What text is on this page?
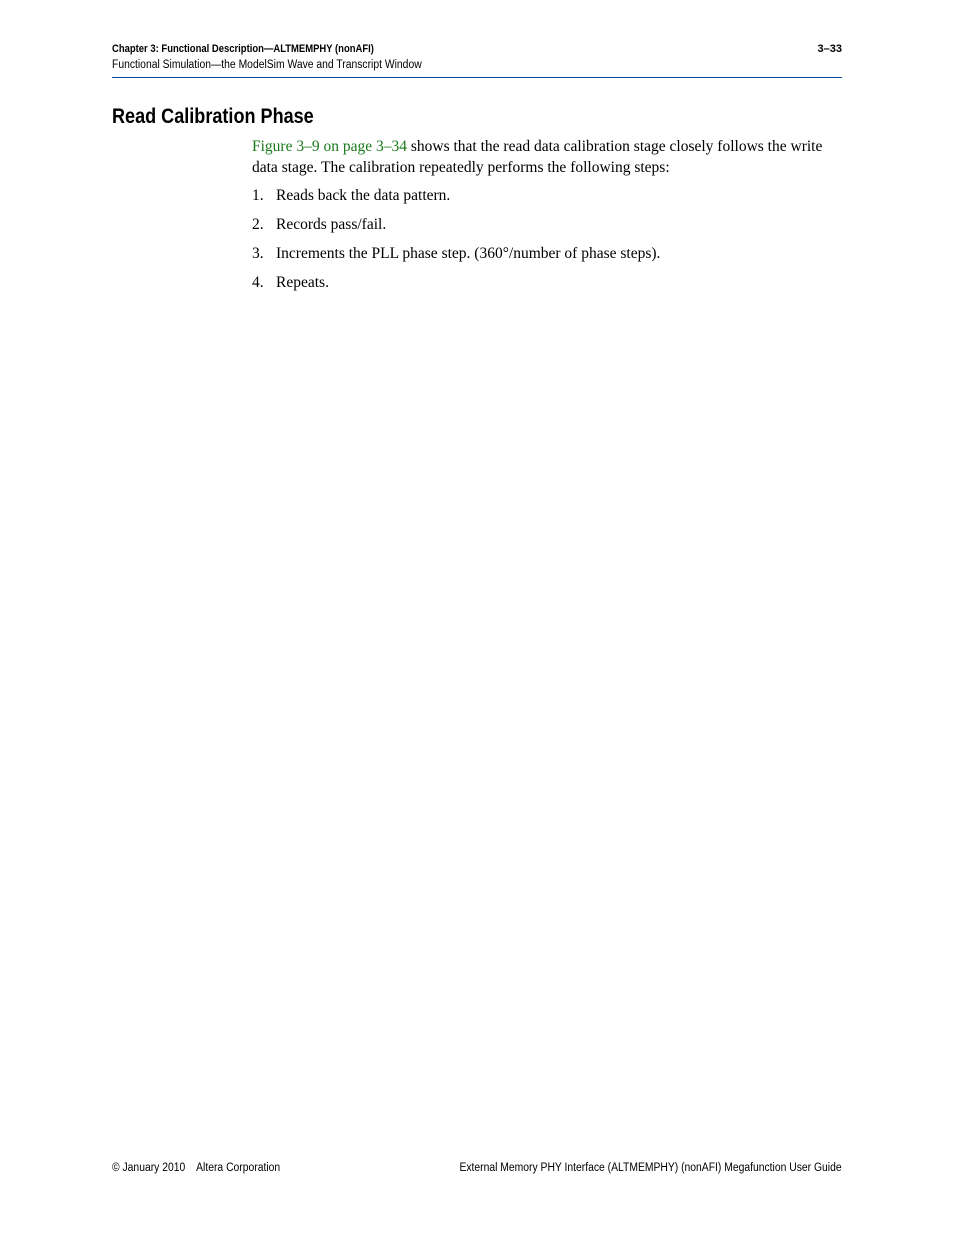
Chapter 3: Functional Description—ALTMEMPHY (nonAFI)	3–33
Functional Simulation—the ModelSim Wave and Transcript Window
Read Calibration Phase

Figure 3–9 on page 3–34 shows that the read data calibration stage closely follows the write data stage. The calibration repeatedly performs the following steps:

1. Reads back the data pattern.
2. Records pass/fail.
3. Increments the PLL phase step. (360°/number of phase steps).
4. Repeats.
© January 2010    Altera Corporation	External Memory PHY Interface (ALTMEMPHY) (nonAFI) Megafunction User Guide
